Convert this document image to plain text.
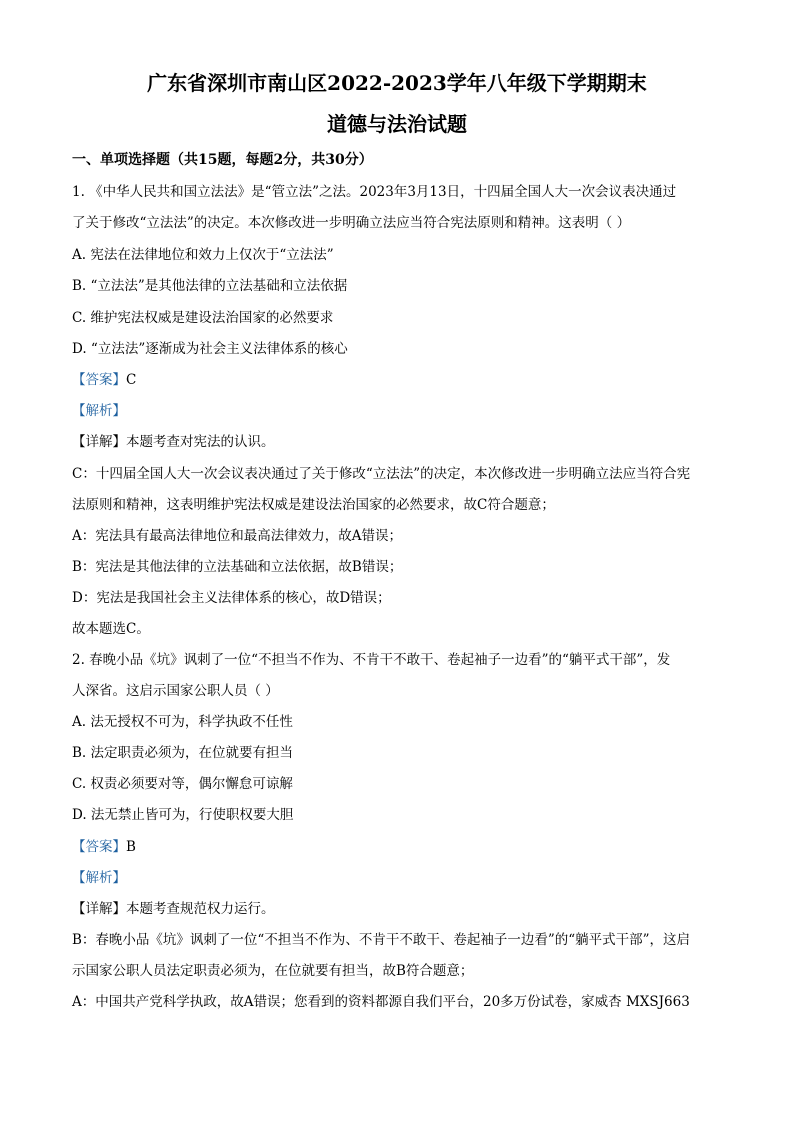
广东省深圳市南山区2022-2023学年八年级下学期期末
道德与法治试题
一、单项选择题（共15题，每题2分，共30分）
1. 《中华人民共和国立法法》是“管立法”之法。2023年3月13日，十四届全国人大一次会议表决通过
了关于修改“立法法”的决定。本次修改进一步明确立法应当符合宪法原则和精神。这表明（ ）
A. 宪法在法律地位和效力上仅次于“立法法”
B. “立法法”是其他法律的立法基础和立法依据
C. 维护宪法权威是建设法治国家的必然要求
D. “立法法”逐渐成为社会主义法律体系的核心
【答案】C
【解析】
【详解】本题考查对宪法的认识。
C：十四届全国人大一次会议表决通过了关于修改“立法法”的决定，本次修改进一步明确立法应当符合宪
法原则和精神，这表明维护宪法权威是建设法治国家的必然要求，故C符合题意；
A：宪法具有最高法律地位和最高法律效力，故A错误；
B：宪法是其他法律的立法基础和立法依据，故B错误；
D：宪法是我国社会主义法律体系的核心，故D错误；
故本题选C。
2. 春晚小品《坑》讽刺了一位“不担当不作为、不肯干不敢干、卷起袖子一边看”的“躺平式干部”，发
人深省。这启示国家公职人员（ ）
A. 法无授权不可为，科学执政不任性
B. 法定职责必须为，在位就要有担当
C. 权责必须要对等，偶尔懈怠可谅解
D. 法无禁止皆可为，行使职权要大胆
【答案】B
【解析】
【详解】本题考查规范权力运行。
B：春晚小品《坑》讽刺了一位“不担当不作为、不肯干不敢干、卷起袖子一边看”的“躺平式干部”，这启
示国家公职人员法定职责必须为，在位就要有担当，故B符合题意；
A：中国共产党科学执政，故A错误；您看到的资料都源自我们平台，20多万份试卷，家威杏 MXSJ663
